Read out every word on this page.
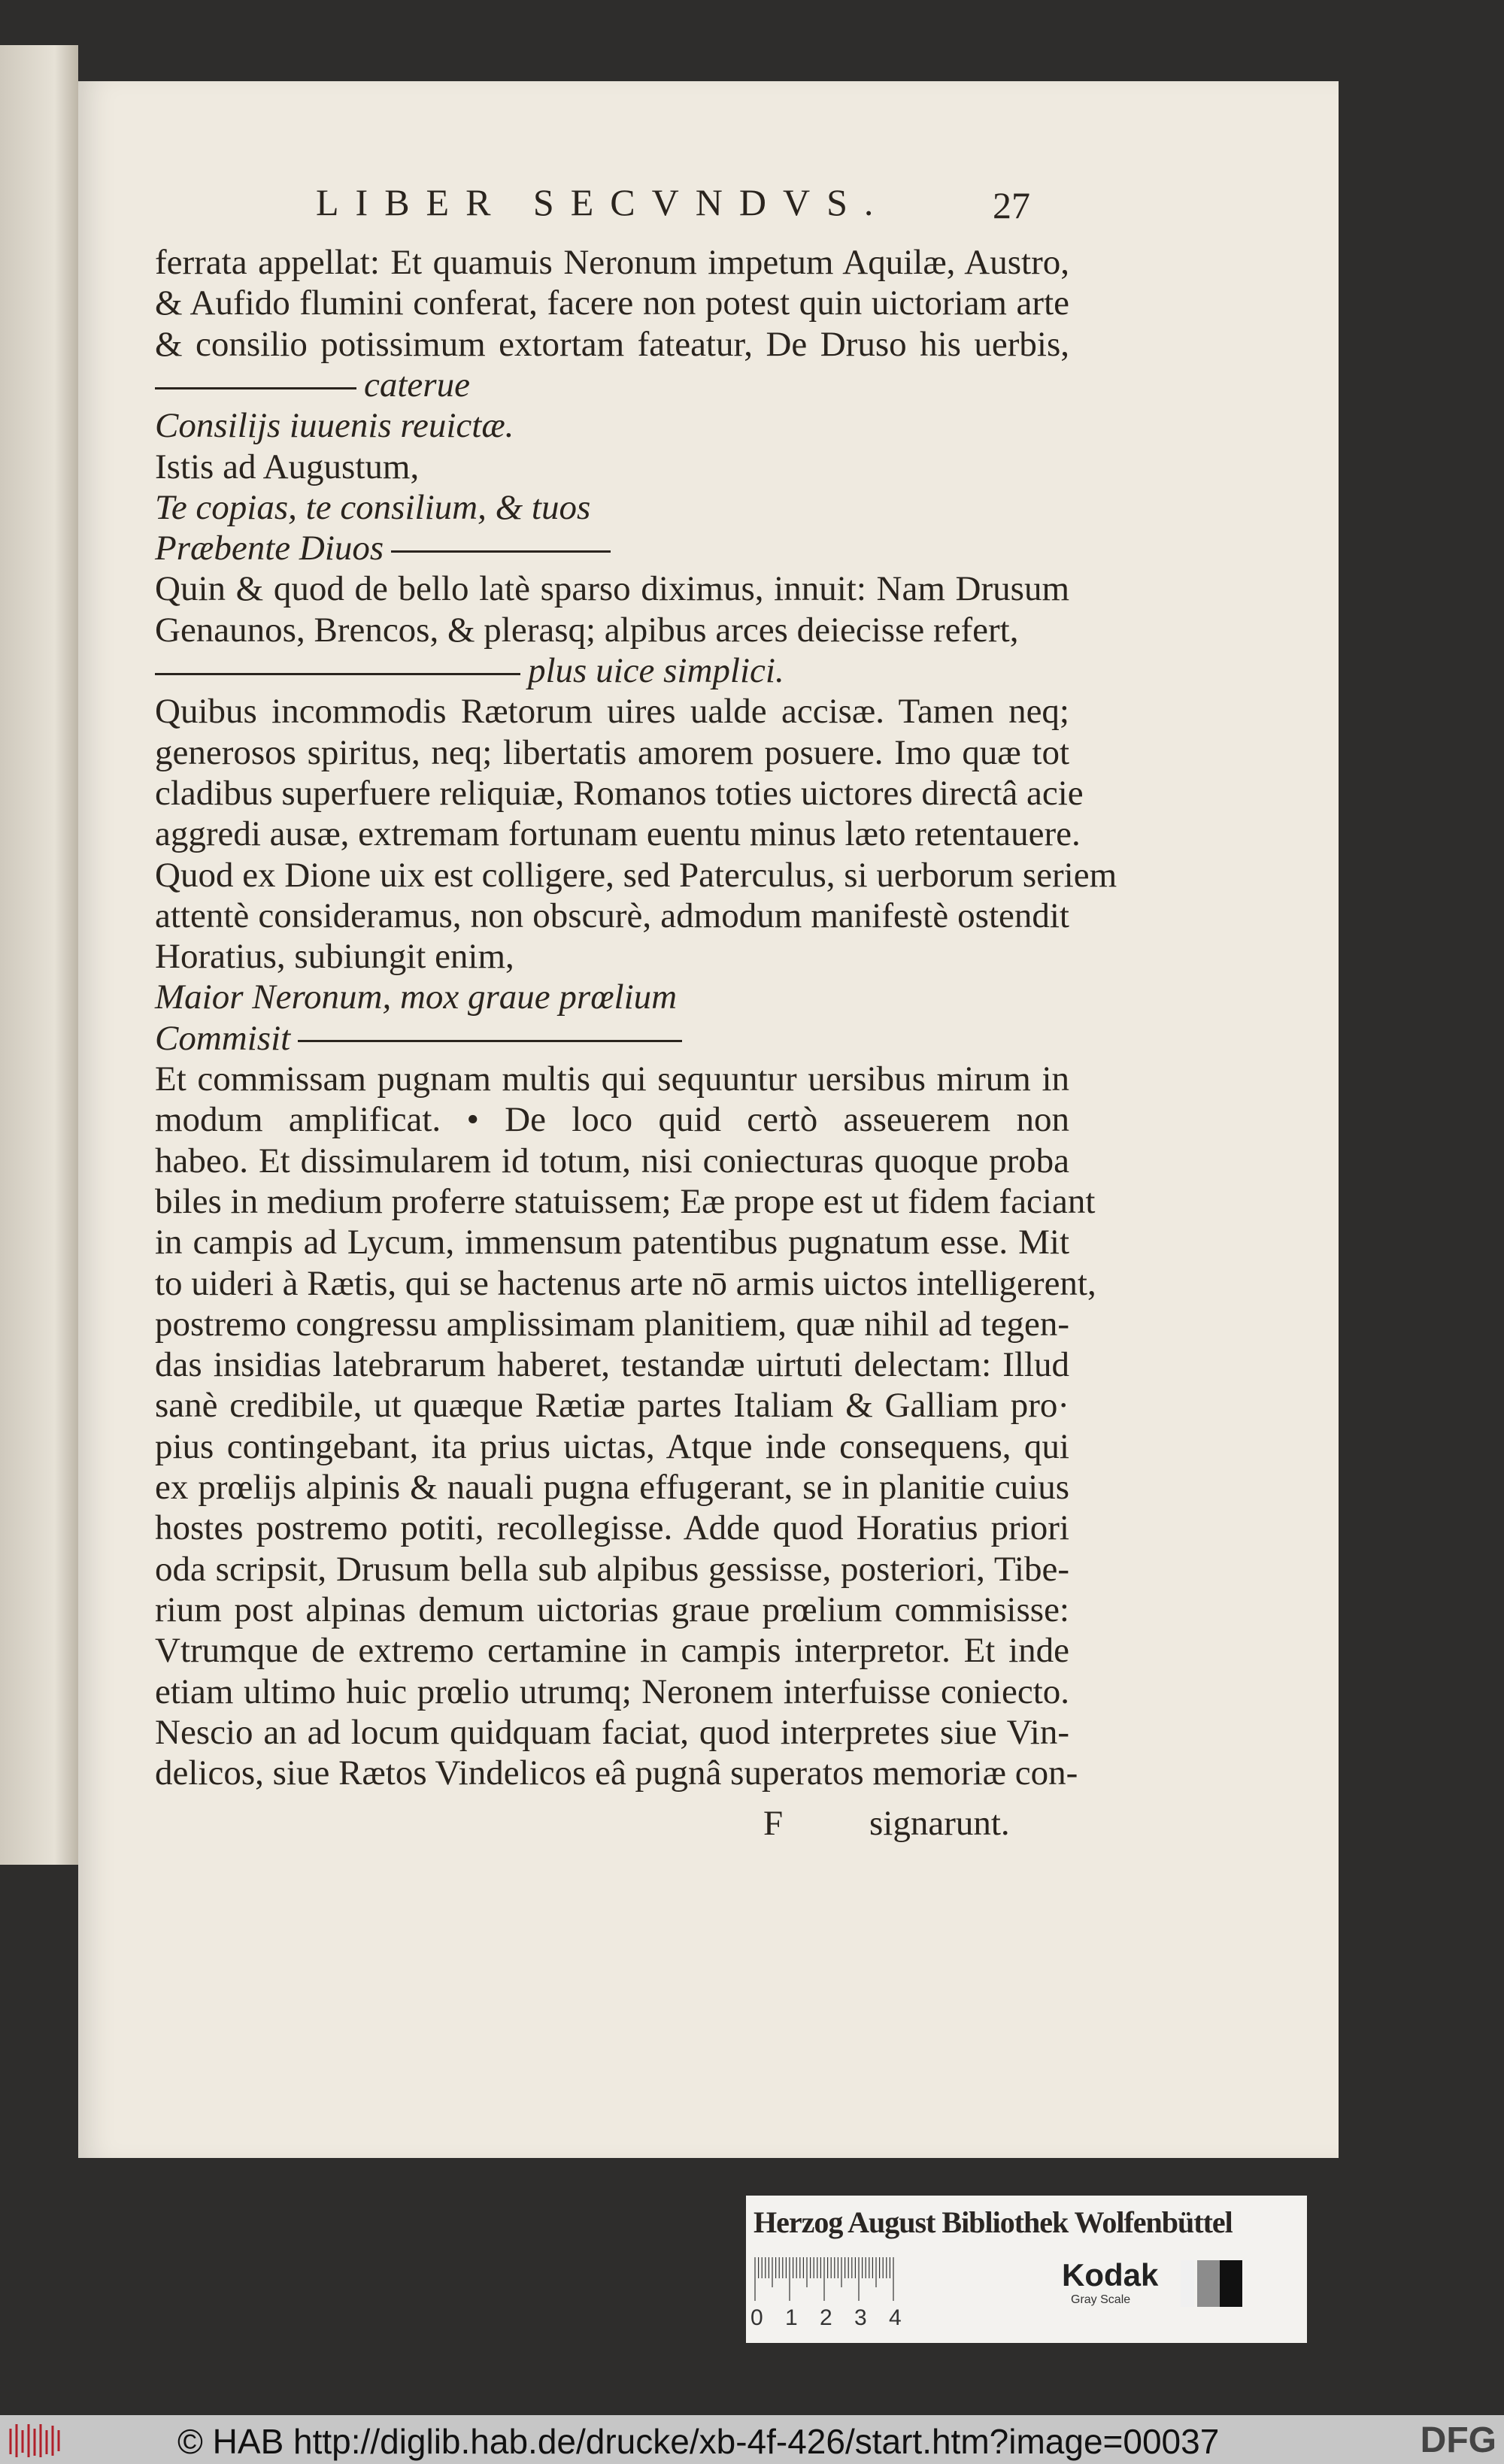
LIBER SECVNDVS.	27
ferrata appellat: Et quamuis Neronum impetum Aquilæ, Austro,
& Aufido flumini conferat, facere non potest quin uictoriam arte
& consilio potissimum extortam fateatur, De Druso his uerbis,
caterue
Consilijs iuuenis reuictæ.
Istis ad Augustum,
Te copias, te consilium, & tuos
Præbente Diuos
Quin & quod de bello latè sparso diximus, innuit: Nam Drusum
Genaunos, Brencos, & plerasq; alpibus arces deiecisse refert,
plus uice simplici.
Quibus incommodis Rætorum uires ualde accisæ. Tamen neq;
generosos spiritus, neq; libertatis amorem posuere. Imo quæ tot
cladibus superfuere reliquiæ, Romanos toties uictores directâ acie
aggredi ausæ, extremam fortunam euentu minus læto retentauere.
Quod ex Dione uix est colligere, sed Paterculus, si uerborum seriem
attentè consideramus, non obscurè, admodum manifestè ostendit
Horatius, subiungit enim,
Maior Neronum, mox graue prœlium
Commisit
Et commissam pugnam multis qui sequuntur uersibus mirum in
modum amplificat. • De loco quid certò asseuerem non
habeo. Et dissimularem id totum, nisi coniecturas quoque proba
biles in medium proferre statuissem; Eæ prope est ut fidem faciant
in campis ad Lycum, immensum patentibus pugnatum esse. Mit
to uideri à Rætis, qui se hactenus arte nō armis uictos intelligerent,
postremo congressu amplissimam planitiem, quæ nihil ad tegen-
das insidias latebrarum haberet, testandæ uirtuti delectam: Illud
sanè credibile, ut quæque Rætiæ partes Italiam & Galliam pro·
pius contingebant, ita prius uictas, Atque inde consequens, qui
ex prœlijs alpinis & nauali pugna effugerant, se in planitie cuius
hostes postremo potiti, recollegisse. Adde quod Horatius priori
oda scripsit, Drusum bella sub alpibus gessisse, posteriori, Tibe-
rium post alpinas demum uictorias graue prœlium commisisse:
Vtrumque de extremo certamine in campis interpretor. Et inde
etiam ultimo huic prœlio utrumq; Neronem interfuisse coniecto.
Nescio an ad locum quidquam faciat, quod interpretes siue Vin-
delicos, siue Rætos Vindelicos eâ pugnâ superatos memoriæ con-
F signarunt.
Herzog August Bibliothek Wolfenbüttel
0 1 2 3 4
Kodak
Gray Scale
© HAB http://diglib.hab.de/drucke/xb-4f-426/start.htm?image=00037	DFG
